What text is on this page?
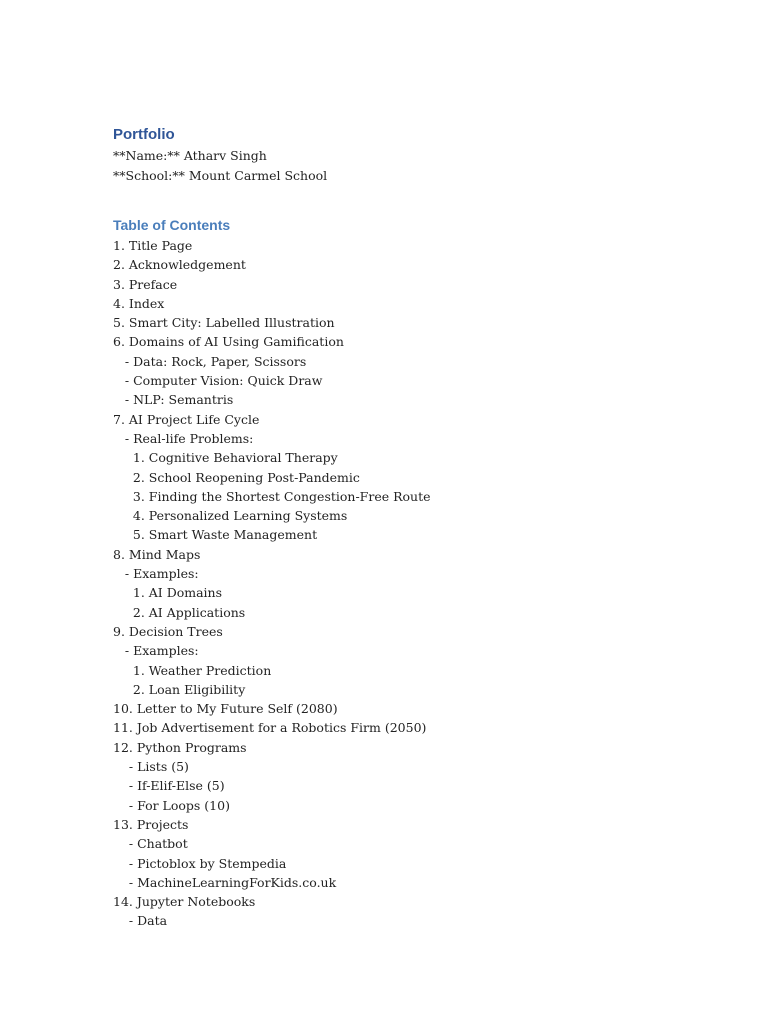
Portfolio
**Name:** Atharv Singh
**School:** Mount Carmel School
Table of Contents
1. Title Page
2. Acknowledgement
3. Preface
4. Index
5. Smart City: Labelled Illustration
6. Domains of AI Using Gamification
- Data: Rock, Paper, Scissors
- Computer Vision: Quick Draw
- NLP: Semantris
7. AI Project Life Cycle
- Real-life Problems:
1. Cognitive Behavioral Therapy
2. School Reopening Post-Pandemic
3. Finding the Shortest Congestion-Free Route
4. Personalized Learning Systems
5. Smart Waste Management
8. Mind Maps
- Examples:
1. AI Domains
2. AI Applications
9. Decision Trees
- Examples:
1. Weather Prediction
2. Loan Eligibility
10. Letter to My Future Self (2080)
11. Job Advertisement for a Robotics Firm (2050)
12. Python Programs
- Lists (5)
- If-Elif-Else (5)
- For Loops (10)
13. Projects
- Chatbot
- Pictoblox by Stempedia
- MachineLearningForKids.co.uk
14. Jupyter Notebooks
- Data
